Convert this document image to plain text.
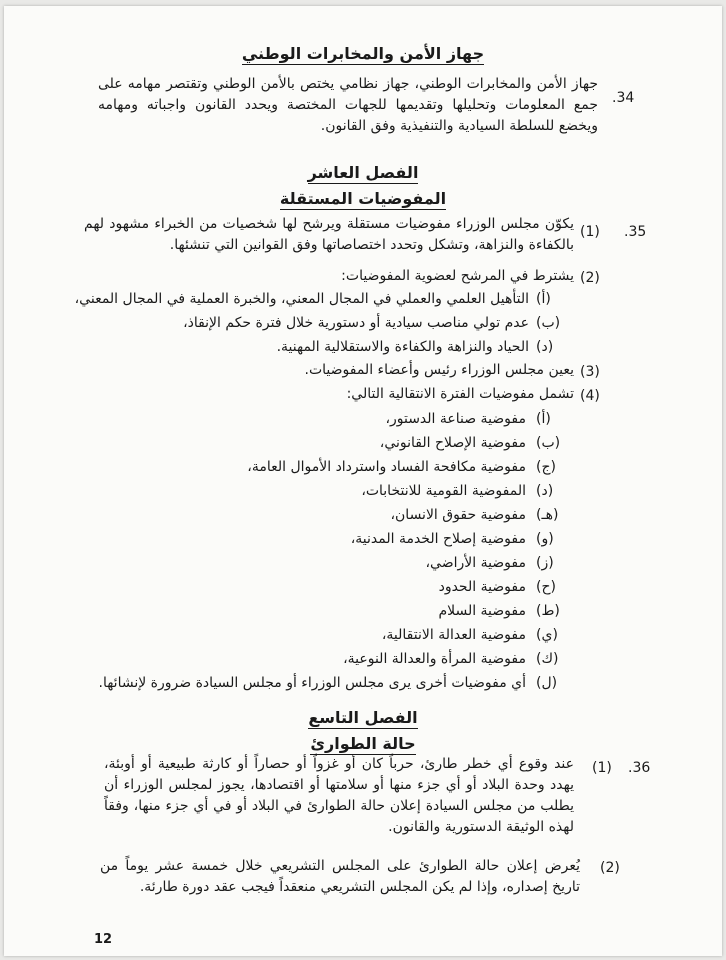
جهاز الأمن والمخابرات الوطني
.34
جهاز الأمن والمخابرات الوطني، جهاز نظامي يختص بالأمن الوطني وتقتصر مهامه على جمع المعلومات وتحليلها وتقديمها للجهات المختصة ويحدد القانون واجباته ومهامه ويخضع للسلطة السيادية والتنفيذية وفق القانون.
الفصل العاشر
المفوضيات المستقلة
.35
(1)
يكوّن مجلس الوزراء مفوضيات مستقلة ويرشح لها شخصيات من الخبراء مشهود لهم بالكفاءة والنزاهة، وتشكل وتحدد اختصاصاتها وفق القوانين التي تنشئها.
(2)
يشترط في المرشح لعضوية المفوضيات:
(أ)
التأهيل العلمي والعملي في المجال المعني، والخبرة العملية في المجال المعني،
(ب)
عدم تولي مناصب سيادية أو دستورية خلال فترة حكم الإنقاذ،
(د)
الحياد والنزاهة والكفاءة والاستقلالية المهنية.
(3)
يعين مجلس الوزراء رئيس وأعضاء المفوضيات.
(4)
تشمل مفوضيات الفترة الانتقالية التالي:
(أ)
مفوضية صناعة الدستور،
(ب)
مفوضية الإصلاح القانوني،
(ج)
مفوضية مكافحة الفساد واسترداد الأموال العامة،
(د)
المفوضية القومية للانتخابات،
(هـ)
مفوضية حقوق الانسان،
(و)
مفوضية إصلاح الخدمة المدنية،
(ز)
مفوضية الأراضي،
(ح)
مفوضية الحدود
(ط)
مفوضية السلام
(ي)
مفوضية العدالة الانتقالية،
(ك)
مفوضية المرأة والعدالة النوعية،
(ل)
أي مفوضيات أخرى يرى مجلس الوزراء أو مجلس السيادة ضرورة لإنشائها.
الفصل التاسع
حالة الطوارئ
.36
(1)
عند وقوع أي خطر طارئ، حرباً كان أو غزواً أو حصاراً أو كارثة طبيعية أو أوبئة، يهدد وحدة البلاد أو أي جزء منها أو سلامتها أو اقتصادها، يجوز لمجلس الوزراء أن يطلب من مجلس السيادة إعلان حالة الطوارئ في البلاد أو في أي جزء منها، وفقاً لهذه الوثيقة الدستورية والقانون.
(2)
يُعرض إعلان حالة الطوارئ على المجلس التشريعي خلال خمسة عشر يوماً من تاريخ إصداره، وإذا لم يكن المجلس التشريعي منعقداً فيجب عقد دورة طارئة.
12
